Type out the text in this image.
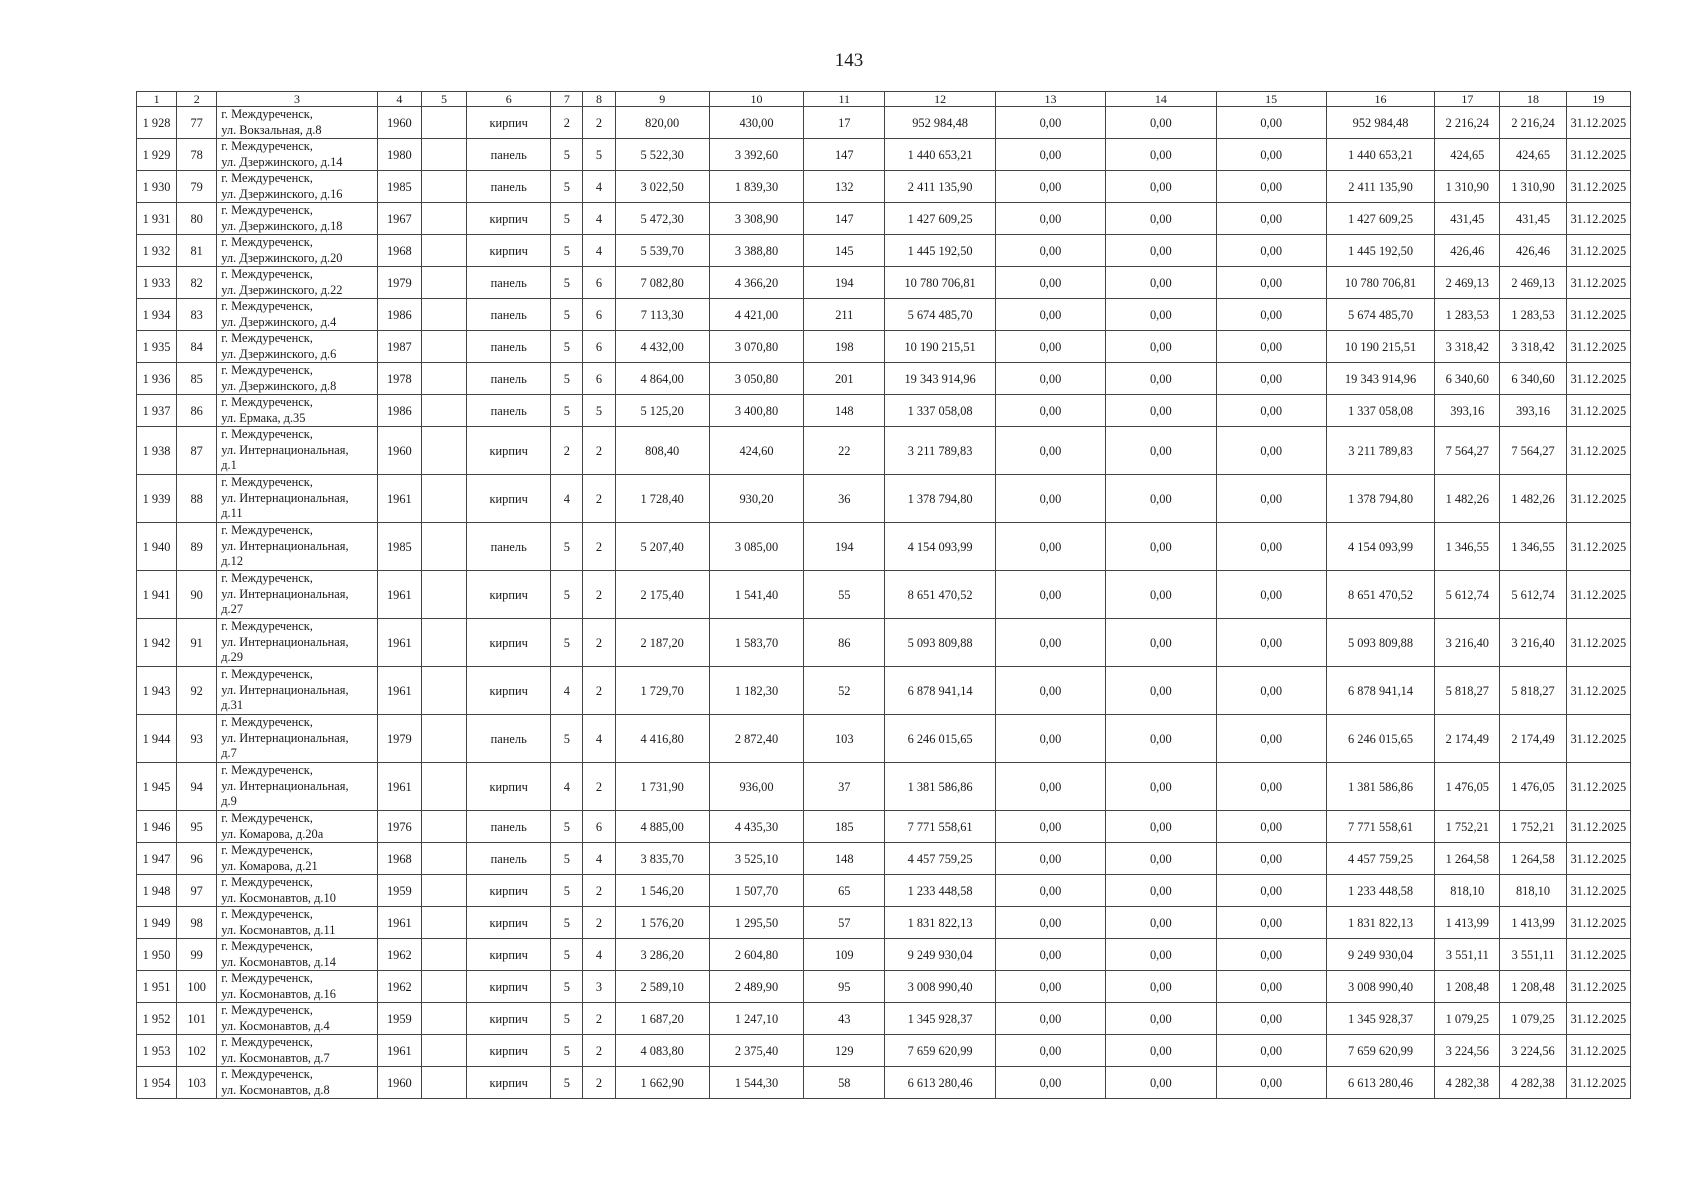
143
1	2	3	4	5	6	7	8	9	10	11	12	13	14	15	16	17	18	19
1 928	77	г. Междуреченск,
ул. Вокзальная, д.8	1960		кирпич	2	2	820,00	430,00	17	952 984,48	0,00	0,00	0,00	952 984,48	2 216,24	2 216,24	31.12.2025
1 929	78	г. Междуреченск,
ул. Дзержинского, д.14	1980		панель	5	5	5 522,30	3 392,60	147	1 440 653,21	0,00	0,00	0,00	1 440 653,21	424,65	424,65	31.12.2025
1 930	79	г. Междуреченск,
ул. Дзержинского, д.16	1985		панель	5	4	3 022,50	1 839,30	132	2 411 135,90	0,00	0,00	0,00	2 411 135,90	1 310,90	1 310,90	31.12.2025
1 931	80	г. Междуреченск,
ул. Дзержинского, д.18	1967		кирпич	5	4	5 472,30	3 308,90	147	1 427 609,25	0,00	0,00	0,00	1 427 609,25	431,45	431,45	31.12.2025
1 932	81	г. Междуреченск,
ул. Дзержинского, д.20	1968		кирпич	5	4	5 539,70	3 388,80	145	1 445 192,50	0,00	0,00	0,00	1 445 192,50	426,46	426,46	31.12.2025
1 933	82	г. Междуреченск,
ул. Дзержинского, д.22	1979		панель	5	6	7 082,80	4 366,20	194	10 780 706,81	0,00	0,00	0,00	10 780 706,81	2 469,13	2 469,13	31.12.2025
1 934	83	г. Междуреченск,
ул. Дзержинского, д.4	1986		панель	5	6	7 113,30	4 421,00	211	5 674 485,70	0,00	0,00	0,00	5 674 485,70	1 283,53	1 283,53	31.12.2025
1 935	84	г. Междуреченск,
ул. Дзержинского, д.6	1987		панель	5	6	4 432,00	3 070,80	198	10 190 215,51	0,00	0,00	0,00	10 190 215,51	3 318,42	3 318,42	31.12.2025
1 936	85	г. Междуреченск,
ул. Дзержинского, д.8	1978		панель	5	6	4 864,00	3 050,80	201	19 343 914,96	0,00	0,00	0,00	19 343 914,96	6 340,60	6 340,60	31.12.2025
1 937	86	г. Междуреченск,
ул. Ермака, д.35	1986		панель	5	5	5 125,20	3 400,80	148	1 337 058,08	0,00	0,00	0,00	1 337 058,08	393,16	393,16	31.12.2025
1 938	87	г. Междуреченск,
ул. Интернациональная,
д.1	1960		кирпич	2	2	808,40	424,60	22	3 211 789,83	0,00	0,00	0,00	3 211 789,83	7 564,27	7 564,27	31.12.2025
1 939	88	г. Междуреченск,
ул. Интернациональная,
д.11	1961		кирпич	4	2	1 728,40	930,20	36	1 378 794,80	0,00	0,00	0,00	1 378 794,80	1 482,26	1 482,26	31.12.2025
1 940	89	г. Междуреченск,
ул. Интернациональная,
д.12	1985		панель	5	2	5 207,40	3 085,00	194	4 154 093,99	0,00	0,00	0,00	4 154 093,99	1 346,55	1 346,55	31.12.2025
1 941	90	г. Междуреченск,
ул. Интернациональная,
д.27	1961		кирпич	5	2	2 175,40	1 541,40	55	8 651 470,52	0,00	0,00	0,00	8 651 470,52	5 612,74	5 612,74	31.12.2025
1 942	91	г. Междуреченск,
ул. Интернациональная,
д.29	1961		кирпич	5	2	2 187,20	1 583,70	86	5 093 809,88	0,00	0,00	0,00	5 093 809,88	3 216,40	3 216,40	31.12.2025
1 943	92	г. Междуреченск,
ул. Интернациональная,
д.31	1961		кирпич	4	2	1 729,70	1 182,30	52	6 878 941,14	0,00	0,00	0,00	6 878 941,14	5 818,27	5 818,27	31.12.2025
1 944	93	г. Междуреченск,
ул. Интернациональная,
д.7	1979		панель	5	4	4 416,80	2 872,40	103	6 246 015,65	0,00	0,00	0,00	6 246 015,65	2 174,49	2 174,49	31.12.2025
1 945	94	г. Междуреченск,
ул. Интернациональная,
д.9	1961		кирпич	4	2	1 731,90	936,00	37	1 381 586,86	0,00	0,00	0,00	1 381 586,86	1 476,05	1 476,05	31.12.2025
1 946	95	г. Междуреченск,
ул. Комарова, д.20а	1976		панель	5	6	4 885,00	4 435,30	185	7 771 558,61	0,00	0,00	0,00	7 771 558,61	1 752,21	1 752,21	31.12.2025
1 947	96	г. Междуреченск,
ул. Комарова, д.21	1968		панель	5	4	3 835,70	3 525,10	148	4 457 759,25	0,00	0,00	0,00	4 457 759,25	1 264,58	1 264,58	31.12.2025
1 948	97	г. Междуреченск,
ул. Космонавтов, д.10	1959		кирпич	5	2	1 546,20	1 507,70	65	1 233 448,58	0,00	0,00	0,00	1 233 448,58	818,10	818,10	31.12.2025
1 949	98	г. Междуреченск,
ул. Космонавтов, д.11	1961		кирпич	5	2	1 576,20	1 295,50	57	1 831 822,13	0,00	0,00	0,00	1 831 822,13	1 413,99	1 413,99	31.12.2025
1 950	99	г. Междуреченск,
ул. Космонавтов, д.14	1962		кирпич	5	4	3 286,20	2 604,80	109	9 249 930,04	0,00	0,00	0,00	9 249 930,04	3 551,11	3 551,11	31.12.2025
1 951	100	г. Междуреченск,
ул. Космонавтов, д.16	1962		кирпич	5	3	2 589,10	2 489,90	95	3 008 990,40	0,00	0,00	0,00	3 008 990,40	1 208,48	1 208,48	31.12.2025
1 952	101	г. Междуреченск,
ул. Космонавтов, д.4	1959		кирпич	5	2	1 687,20	1 247,10	43	1 345 928,37	0,00	0,00	0,00	1 345 928,37	1 079,25	1 079,25	31.12.2025
1 953	102	г. Междуреченск,
ул. Космонавтов, д.7	1961		кирпич	5	2	4 083,80	2 375,40	129	7 659 620,99	0,00	0,00	0,00	7 659 620,99	3 224,56	3 224,56	31.12.2025
1 954	103	г. Междуреченск,
ул. Космонавтов, д.8	1960		кирпич	5	2	1 662,90	1 544,30	58	6 613 280,46	0,00	0,00	0,00	6 613 280,46	4 282,38	4 282,38	31.12.2025
